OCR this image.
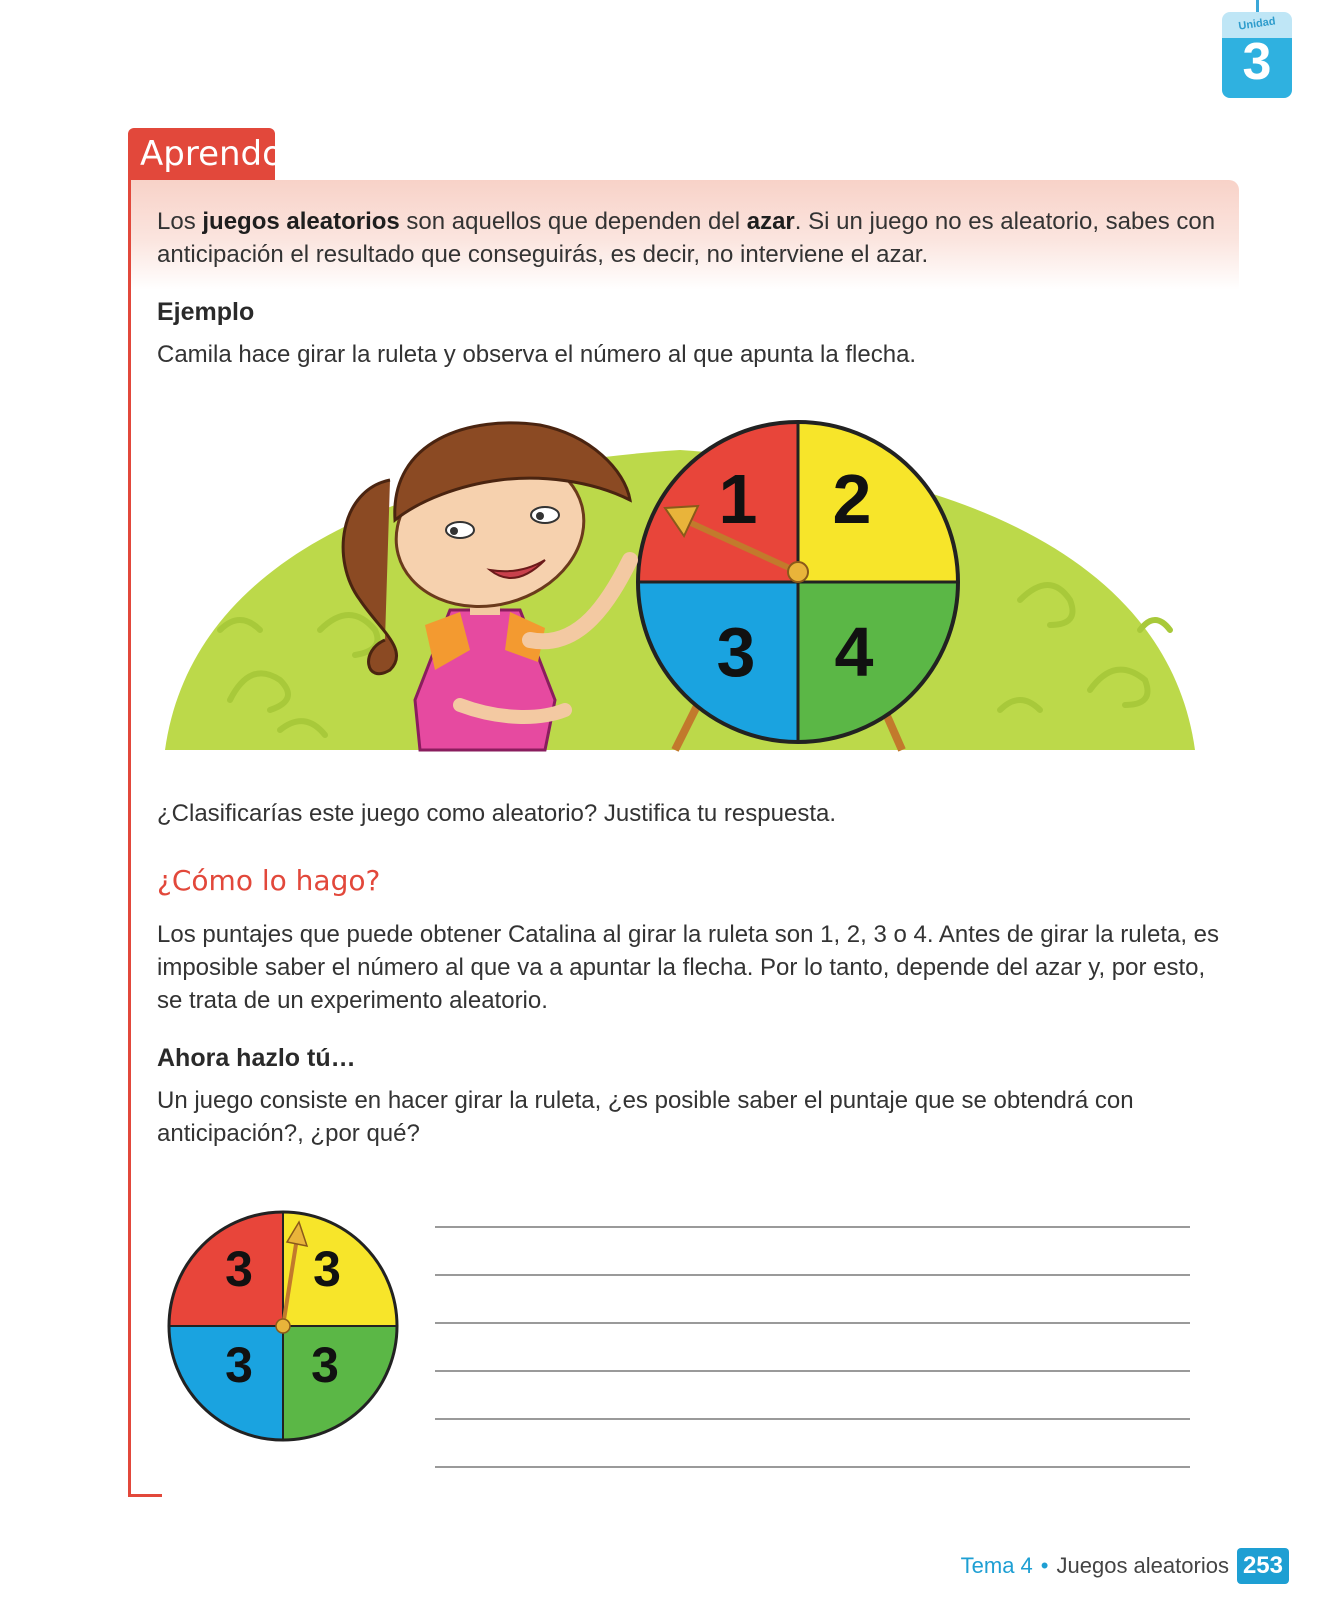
Unidad
3
Aprendo

Los juegos aleatorios son aquellos que dependen del azar. Si un juego no es aleatorio, sabes con anticipación el resultado que conseguirás, es decir, no interviene el azar.

Ejemplo

Camila hace girar la ruleta y observa el número al que apunta la flecha.

1 2
3 4

¿Clasificarías este juego como aleatorio? Justifica tu respuesta.

¿Cómo lo hago?

Los puntajes que puede obtener Catalina al girar la ruleta son 1, 2, 3 o 4. Antes de girar la ruleta, es imposible saber el número al que va a apuntar la flecha. Por lo tanto, depende del azar y, por esto, se trata de un experimento aleatorio.

Ahora hazlo tú…

Un juego consiste en hacer girar la ruleta, ¿es posible saber el puntaje que se obtendrá con anticipación?, ¿por qué?

3 3
3 3
Tema 4 • Juegos aleatorios 253
